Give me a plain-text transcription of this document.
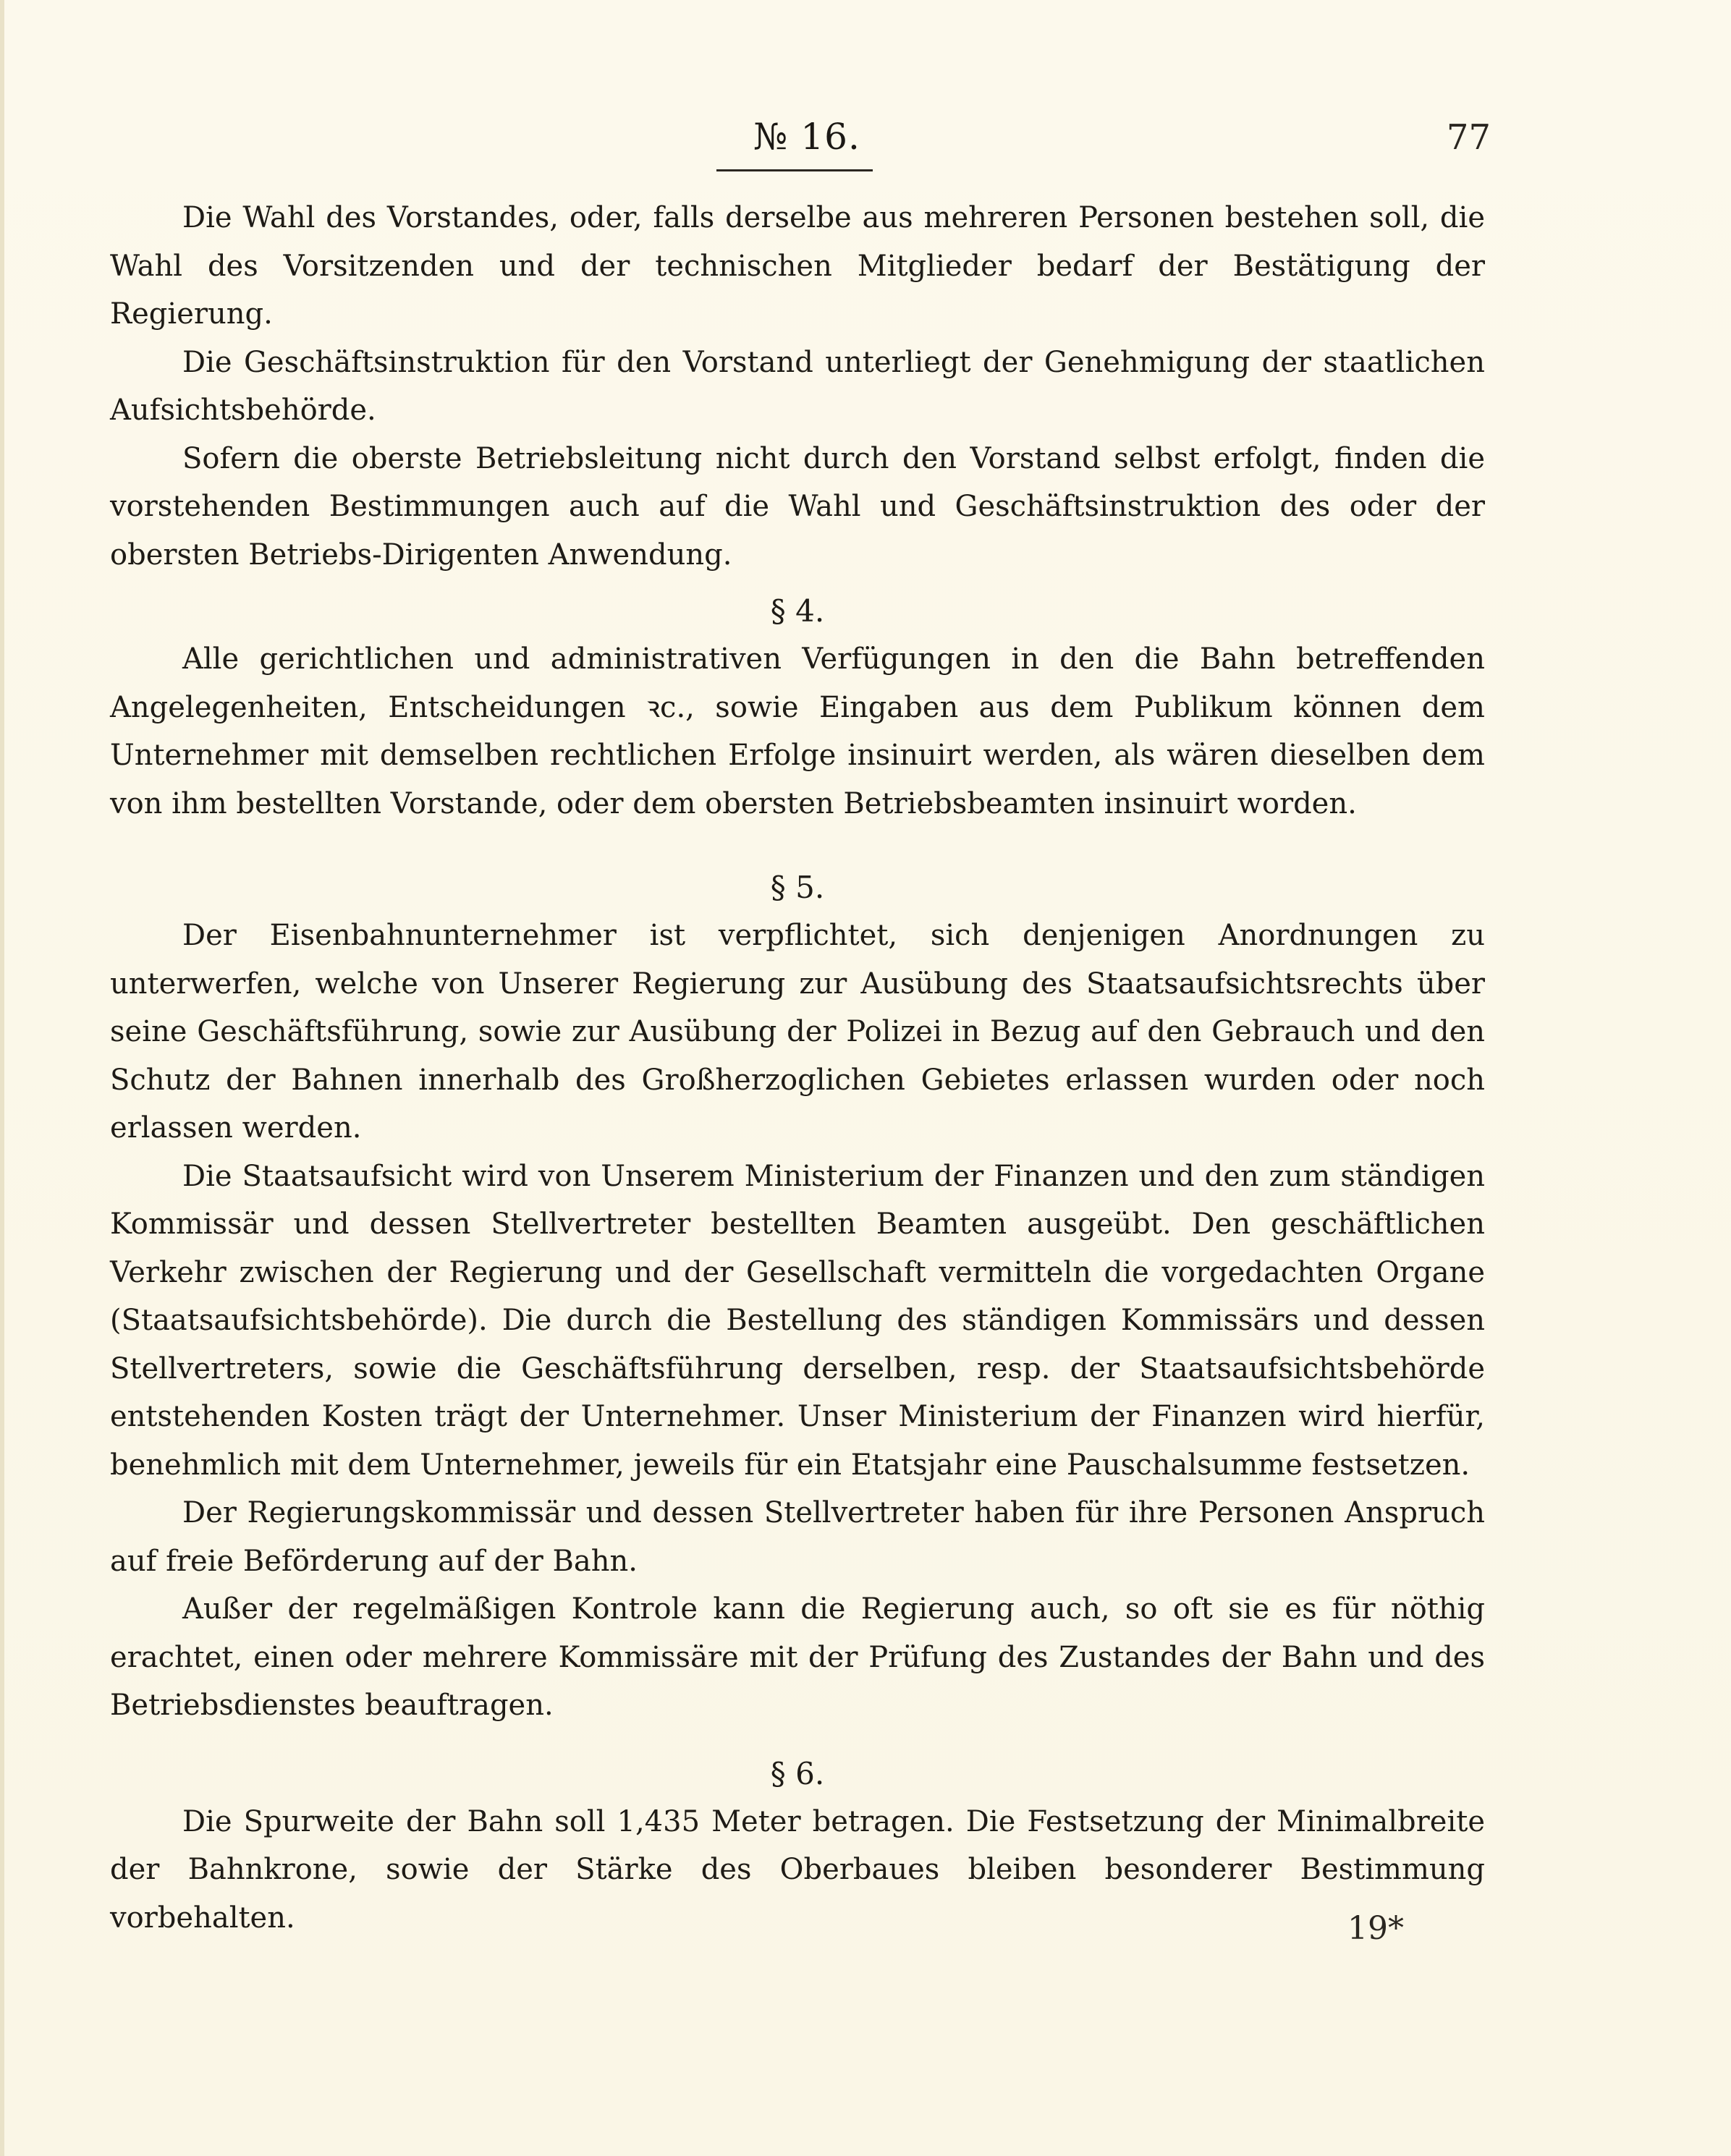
№ 16.	77

Die Wahl des Vorstandes, oder, falls derselbe aus mehreren Personen bestehen soll, die Wahl des Vorsitzenden und der technischen Mitglieder bedarf der Bestätigung der Regierung.

Die Geschäftsinstruktion für den Vorstand unterliegt der Genehmigung der staatlichen Aufsichtsbehörde.

Sofern die oberste Betriebsleitung nicht durch den Vorstand selbst erfolgt, finden die vorstehenden Bestimmungen auch auf die Wahl und Geschäftsinstruktion des oder der obersten Betriebs-Dirigenten Anwendung.

§ 4.

Alle gerichtlichen und administrativen Verfügungen in den die Bahn betreffenden Angelegenheiten, Entscheidungen ꝛc., sowie Eingaben aus dem Publikum können dem Unternehmer mit demselben rechtlichen Erfolge insinuirt werden, als wären dieselben dem von ihm bestellten Vorstande, oder dem obersten Betriebsbeamten insinuirt worden.

§ 5.

Der Eisenbahnunternehmer ist verpflichtet, sich denjenigen Anordnungen zu unterwerfen, welche von Unserer Regierung zur Ausübung des Staatsaufsichtsrechts über seine Geschäftsführung, sowie zur Ausübung der Polizei in Bezug auf den Gebrauch und den Schutz der Bahnen innerhalb des Großherzoglichen Gebietes erlassen wurden oder noch erlassen werden.

Die Staatsaufsicht wird von Unserem Ministerium der Finanzen und den zum ständigen Kommissär und dessen Stellvertreter bestellten Beamten ausgeübt. Den geschäftlichen Verkehr zwischen der Regierung und der Gesellschaft vermitteln die vorgedachten Organe (Staatsaufsichtsbehörde). Die durch die Bestellung des ständigen Kommissärs und dessen Stellvertreters, sowie die Geschäftsführung derselben, resp. der Staatsaufsichtsbehörde entstehenden Kosten trägt der Unternehmer. Unser Ministerium der Finanzen wird hierfür, benehmlich mit dem Unternehmer, jeweils für ein Etatsjahr eine Pauschalsumme festsetzen.

Der Regierungskommissär und dessen Stellvertreter haben für ihre Personen Anspruch auf freie Beförderung auf der Bahn.

Außer der regelmäßigen Kontrole kann die Regierung auch, so oft sie es für nöthig erachtet, einen oder mehrere Kommissäre mit der Prüfung des Zustandes der Bahn und des Betriebsdienstes beauftragen.

§ 6.

Die Spurweite der Bahn soll 1,435 Meter betragen. Die Festsetzung der Minimalbreite der Bahnkrone, sowie der Stärke des Oberbaues bleiben besonderer Bestimmung vorbehalten.	19*
